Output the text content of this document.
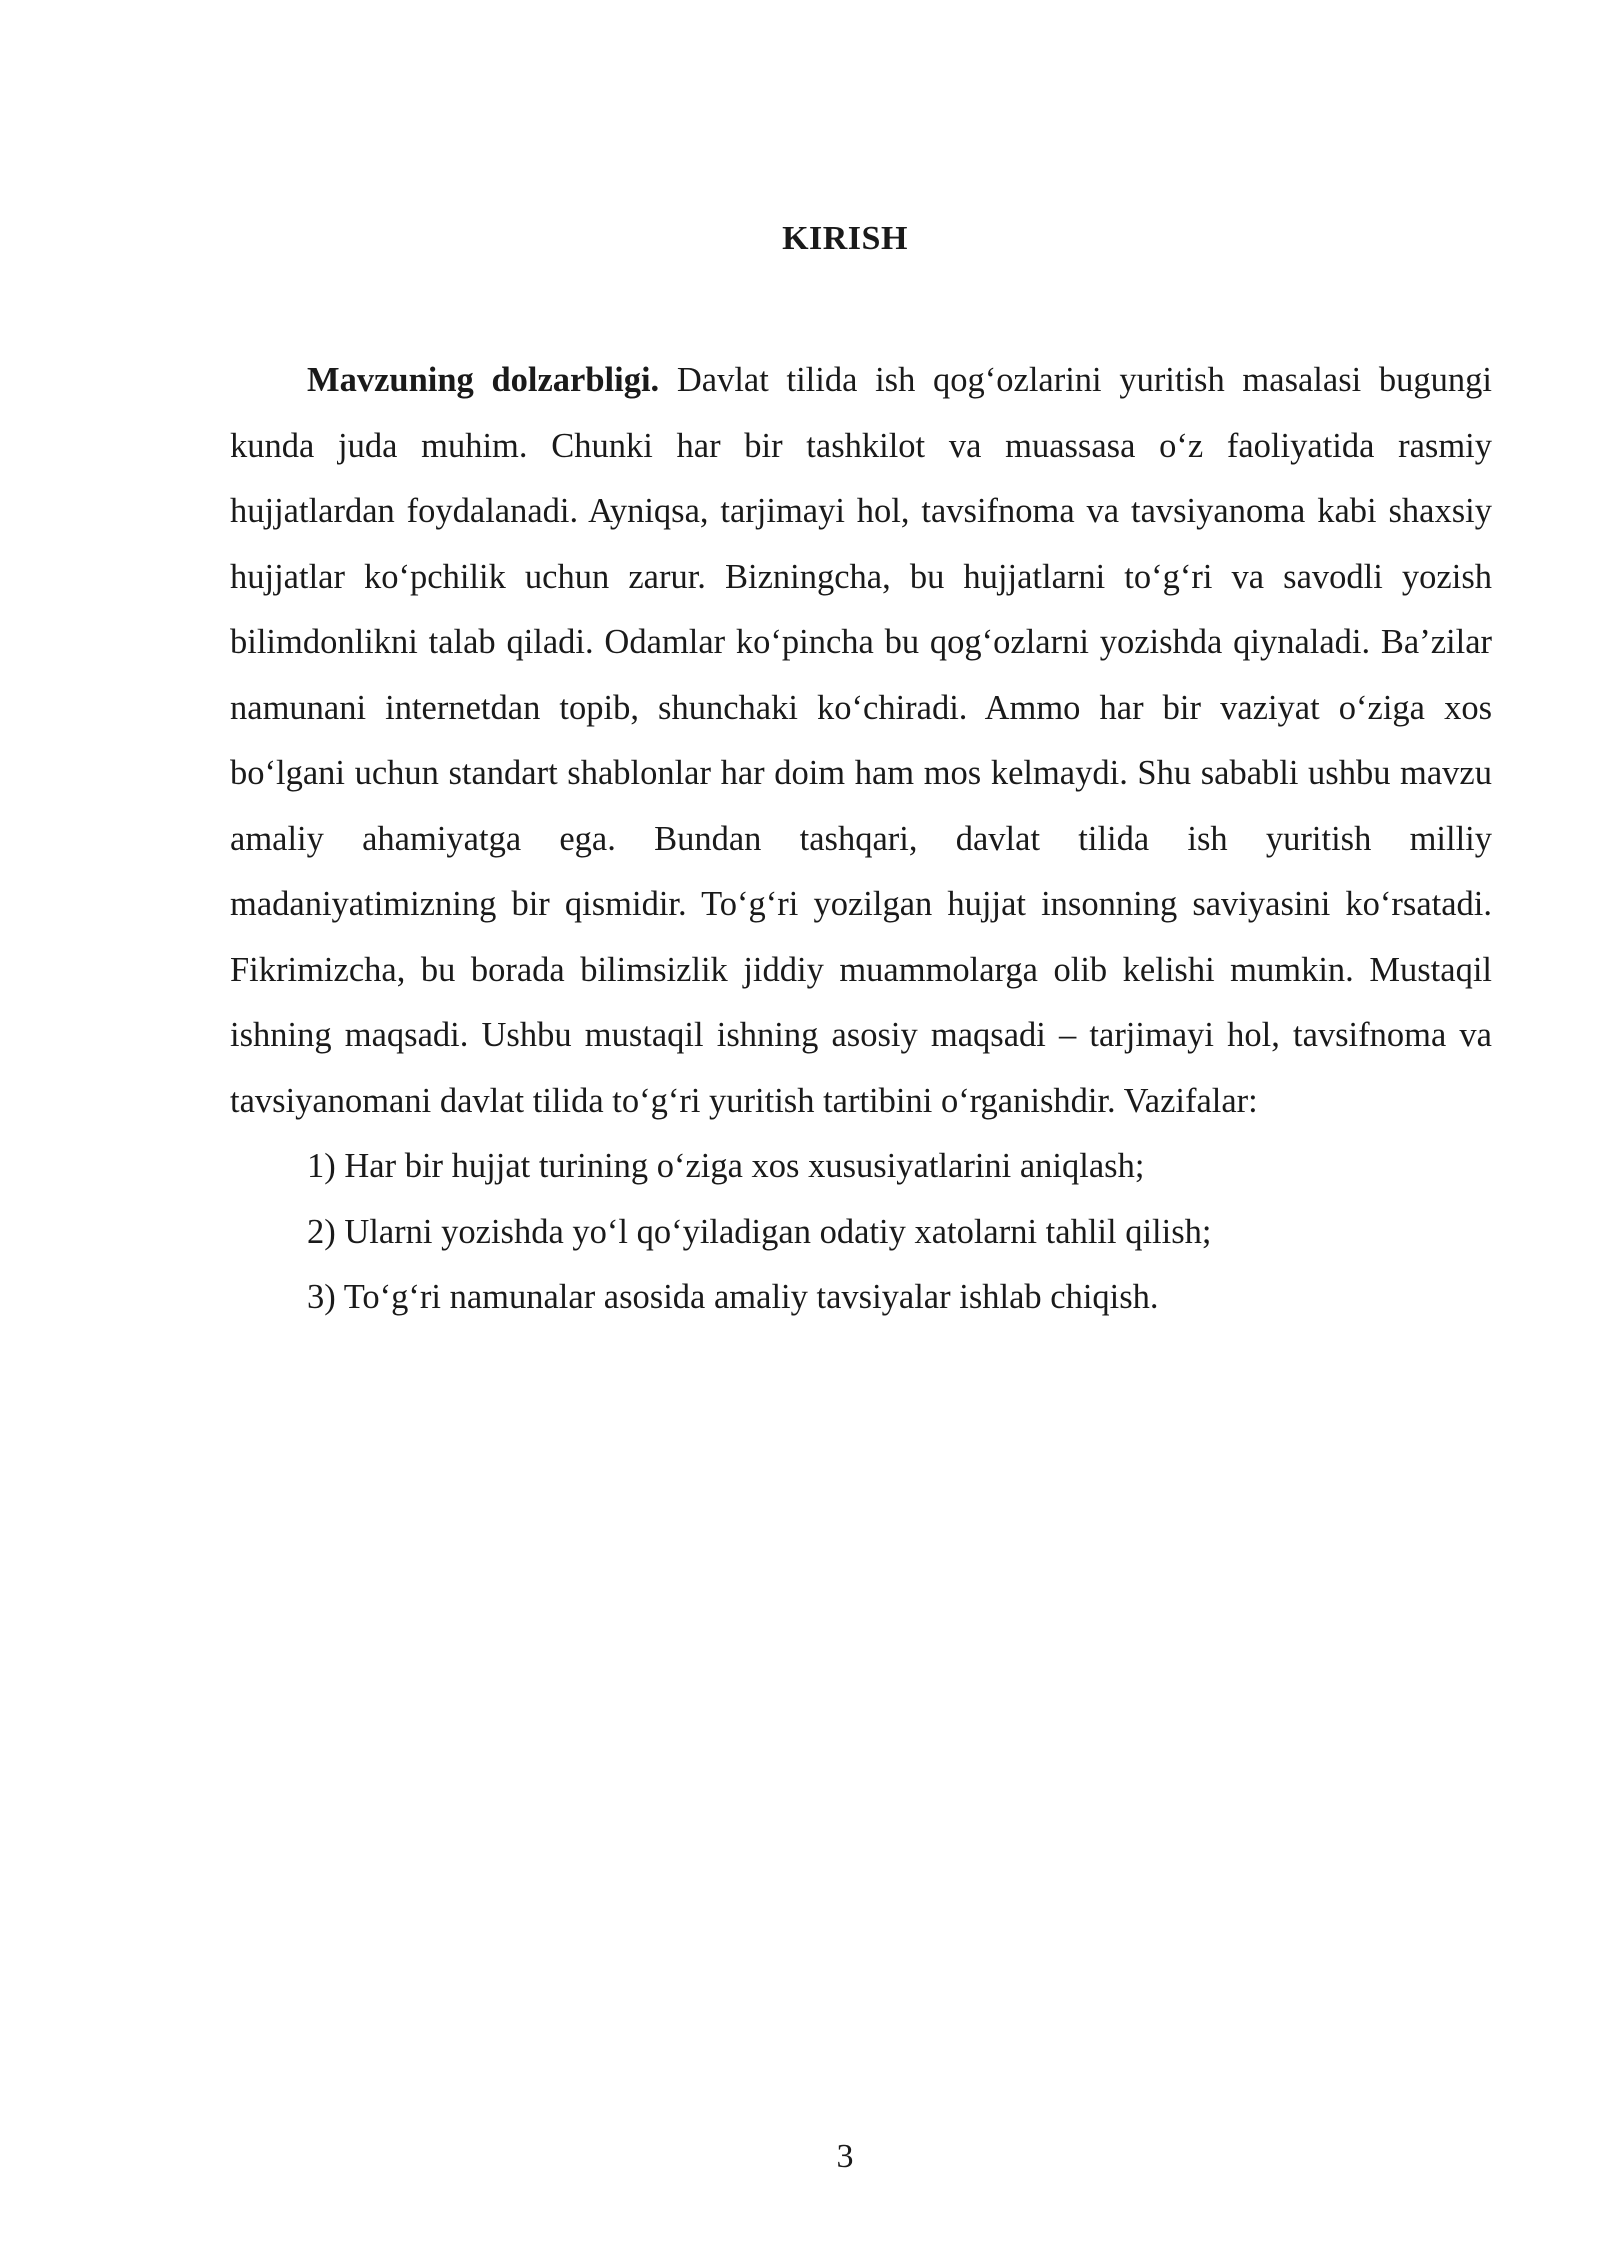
KIRISH

Mavzuning dolzarbligi. Davlat tilida ish qog‘ozlarini yuritish masalasi bugungi kunda juda muhim. Chunki har bir tashkilot va muassasa o‘z faoliyatida rasmiy hujjatlardan foydalanadi. Ayniqsa, tarjimayi hol, tavsifnoma va tavsiyanoma kabi shaxsiy hujjatlar ko‘pchilik uchun zarur. Bizningcha, bu hujjatlarni to‘g‘ri va savodli yozish bilimdonlikni talab qiladi. Odamlar ko‘pincha bu qog‘ozlarni yozishda qiynaladi. Ba’zilar namunani internetdan topib, shunchaki ko‘chiradi. Ammo har bir vaziyat o‘ziga xos bo‘lgani uchun standart shablonlar har doim ham mos kelmaydi. Shu sababli ushbu mavzu amaliy ahamiyatga ega. Bundan tashqari, davlat tilida ish yuritish milliy madaniyatimizning bir qismidir. To‘g‘ri yozilgan hujjat insonning saviyasini ko‘rsatadi. Fikrimizcha, bu borada bilimsizlik jiddiy muammolarga olib kelishi mumkin. Mustaqil ishning maqsadi. Ushbu mustaqil ishning asosiy maqsadi – tarjimayi hol, tavsifnoma va tavsiyanomani davlat tilida to‘g‘ri yuritish tartibini o‘rganishdir. Vazifalar:

1) Har bir hujjat turining o‘ziga xos xususiyatlarini aniqlash;

2) Ularni yozishda yo‘l qo‘yiladigan odatiy xatolarni tahlil qilish;

3) To‘g‘ri namunalar asosida amaliy tavsiyalar ishlab chiqish.

3
